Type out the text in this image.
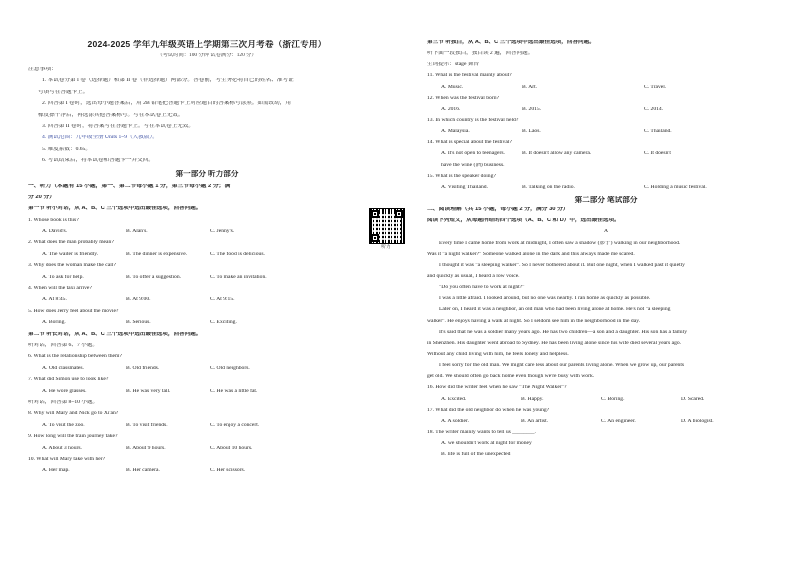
2024-2025 学年九年级英语上学期第三次月考卷（浙江专用）
（考试时间：100 分钟 试卷满分：120 分）
注意事项：
1. 本试卷分第 I 卷（选择题）和第 II 卷（非选择题）两部分。答卷前，考生务必将自己的姓名、准考证
号填写在答题卡上。
2. 回答第 I 卷时，选出每小题答案后，用 2B 铅笔把答题卡上对应题目的答案标号涂黑。如需改动，用
橡皮擦干净后，再选涂其他答案标号。写在本试卷上无效。
3. 回答第 II 卷时，将答案写在答题卡上。写在本试卷上无效。
4. 测试范围：九年级全册 Units 1~9（人教版）。
5. 难度系数：0.65。
6. 考试结束后，将本试卷和答题卡一并交回。
第一部分 听力部分
一、听力（本题有 15 小题，第一、第二节每小题 1 分，第三节每小题 2 分；满
分 20 分）
第一节 听小对话，从 A、B、C 三个选项中选出最佳选项，回答问题。
1. Whose book is this?
A. David's.	B. Alan's.	C. Jenny's.
2. What does the man probably mean?
A. The waiter is friendly.	B. The dinner is expensive.	C. The food is delicious.
3. Why does the woman make the call?
A. To ask for help.	B. To offer a suggestion.	C. To make an invitation.
4. When will the taxi arrive?
A. At 8:45.	B. At 9:00.	C. At 9:15.
5. How does Jerry feel about the movie?
A. Boring.	B. Serious.	C. Exciting.
第二节 听长对话，从 A、B、C 三个选项中选出最佳选项，回答问题。
听对话，回答第 6、7 小题。
6. What is the relationship between them?
A. Old classmates.	B. Old friends.	C. Old neighbors.
7. What did Simon use to look like?
A. He wore glasses.	B. He was very tall.	C. He was a little fat.
听对话，回答第 8~10 小题。
8. Why will Mary and Nick go to Xi'an?
A. To visit the zoo.	B. To visit friends.	C. To enjoy a concert.
9. How long will the train journey take?
A. About 3 hours.	B. About 9 hours.	C. About 10 hours.
10. What will Mary take with her?
A. Her map.	B. Her camera.	C. Her scissors.
听力
第三节 听独白，从 A、B、C 三个选项中选出最佳选项，回答问题。
听下面一段独白，独白读 2 遍，回答问题。
生词提示：stage 舞台
11. What is the festival mainly about?
A. Music.	B. Art.	C. Travel.
12. When was the festival born?
A. 2016.	B. 2015.	C. 2014.
13. In which country is the festival held?
A. Malaysia.	B. Laos.	C. Thailand.
14. What is special about the festival?
A. It's not open to teenagers.	B. It doesn't allow any camera.	C. It doesn't
have the wine (酒) business.
15. What is the speaker doing?
A. Visiting Thailand.	B. Talking on the radio.	C. Holding a music festival.
第二部分 笔试部分
二、阅读理解（共 15 小题，每小题 2 分，满分 30 分）
阅读下列短文，从每题所给的四个选项（A、B、C 和 D）中，选出最佳选项。
A
Every time I came home from work at midnight, I often saw a shadow (影子) walking in our neighborhood.
Was it "a night walker?" Someone walked alone in the dark and this always made me scared.
I thought it was "a sleeping walker". So I never bothered about it. But one night, when I walked past it quietly
and quickly as usual, I heard a low voice.
"Do you often have to work at night?"
I was a little afraid. I looked around, but no one was nearby. I ran home as quickly as possible.
Later on, I heard it was a neighbor, an old man who had been living alone at home. He's not "a sleeping
walker". He enjoys having a walk at night. So I seldom see him in the neighborhood in the day.
It's said that he was a soldier many years ago. He has two children—a son and a daughter. His son has a family
in Shenzhen. His daughter went abroad to Sydney. He has been living alone since his wife died several years ago.
Without any child living with him, he feels lonely and helpless.
I feel sorry for the old man. We might care less about our parents living alone. When we grow up, our parents
get old. We should often go back home even though we're busy with work.
16. How did the writer feel when he saw "The Night Walker"?
A. Excited.	B. Happy.	C. Boring.	D. Scared.
17. What did the old neighbor do when he was young?
A. A soldier.	B. An artist.	C. An engineer.	D. A biologist.
18. The writer mainly wants to tell us ________.
A. we shouldn't work at night for money
B. life is full of the unexpected
